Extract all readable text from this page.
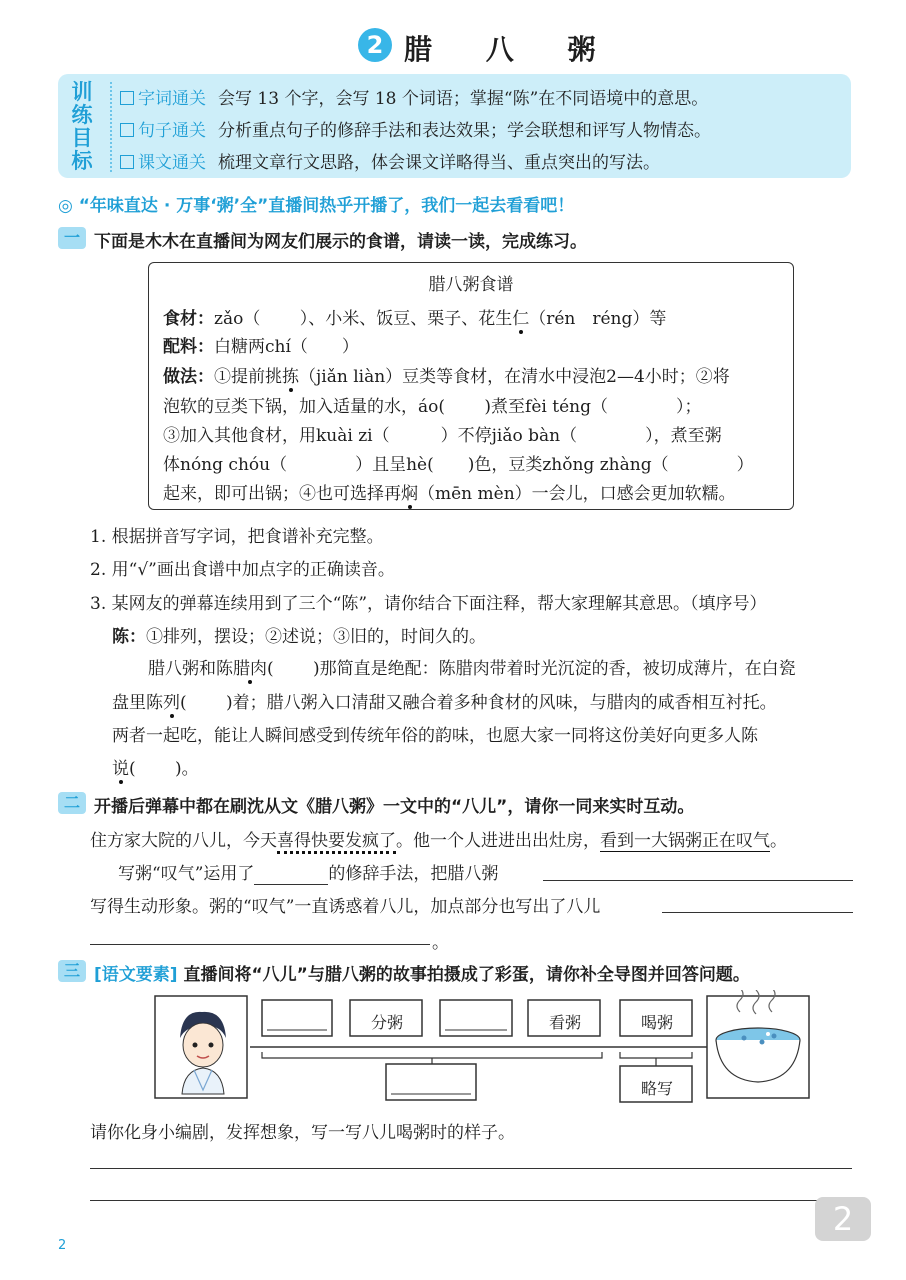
2 腊 八 粥
训
练
目
标
字词通关 会写 13 个字，会写 18 个词语；掌握“陈”在不同语境中的意思。
句子通关 分析重点句子的修辞手法和表达效果；学会联想和评写人物情态。
课文通关 梳理文章行文思路，体会课文详略得当、重点突出的写法。
◎ “年味直达 · 万事‘粥’全”直播间热乎开播了，我们一起去看看吧！
一 下面是木木在直播间为网友们展示的食谱，请读一读，完成练习。
腊八粥食谱
食材：zǎo（　　 ）、小米、饭豆、栗子、花生仁（rén　 réng）等
配料：白糖两chí（　　）
做法：①提前挑拣（jiǎn liàn）豆类等食材，在清水中浸泡2—4小时；②将
泡软的豆类下锅，加入适量的水，áo(　　 )煮至fèi téng（　　　　）；
③加入其他食材，用kuài zi（　　　）不停jiǎo bàn（　　　　），煮至粥
体nóng chóu（　　　　）且呈hè(　　)色，豆类zhǒng zhàng（　　　　）
起来，即可出锅；④也可选择再焖（mēn mèn）一会儿，口感会更加软糯。
1. 根据拼音写字词，把食谱补充完整。
2. 用“√”画出食谱中加点字的正确读音。
3. 某网友的弹幕连续用到了三个“陈”，请你结合下面注释，帮大家理解其意思。（填序号）
陈：①排列，摆设；②述说；③旧的，时间久的。
腊八粥和陈腊肉(　　 )那简直是绝配：陈腊肉带着时光沉淀的香，被切成薄片，在白瓷
盘里陈列(　　 )着；腊八粥入口清甜又融合着多种食材的风味，与腊肉的咸香相互衬托。
两者一起吃，能让人瞬间感受到传统年俗的韵味，也愿大家一同将这份美好向更多人陈
说(　　 )。
二 开播后弹幕中都在刷沈从文《腊八粥》一文中的“八儿”，请你一同来实时互动。
住方家大院的八儿，今天喜得快要发疯了。他一个人进进出出灶房，看到一大锅粥正在叹气。
写粥“叹气”运用了	的修辞手法，把腊八粥
写得生动形象。粥的“叹气”一直诱惑着八儿，加点部分也写出了八儿
。
三 [语文要素] 直播间将“八儿”与腊八粥的故事拍摄成了彩蛋，请你补全导图并回答问题。
分粥	看粥	喝粥
略写
请你化身小编剧，发挥想象，写一写八儿喝粥时的样子。
2
2
